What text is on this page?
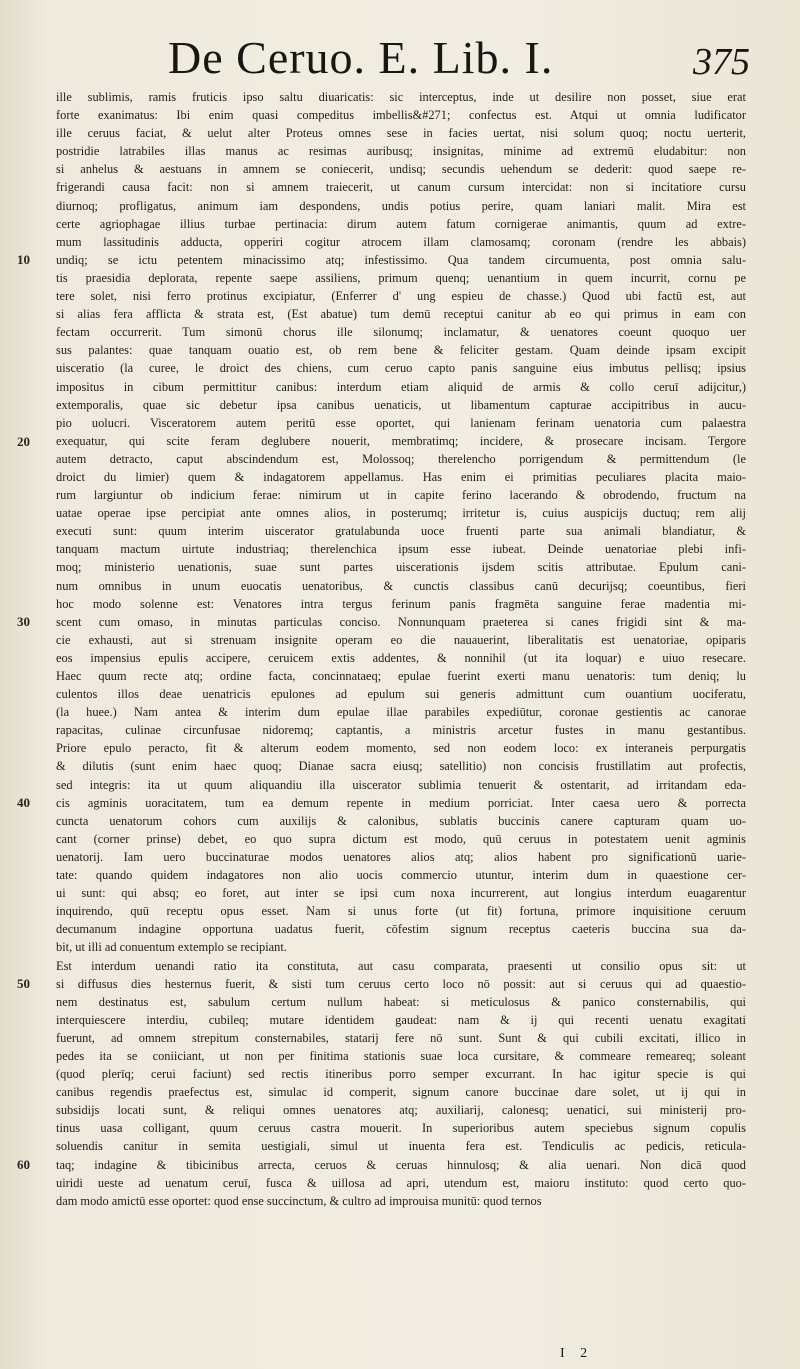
De Ceruo. E. Lib. I.	375
ille sublimis, ramis fruticis ipso saltu diuaricatis: sic interceptus, inde ut desilire non posset, siue erat
forte exanimatus: Ibi enim quasi compeditus imbellis&#271; confectus est. Atqui ut omnia ludificator
ille ceruus faciat, & uelut alter Proteus omnes sese in facies uertat, nisi solum quoq; noctu uerterit,
postridie latrabiles illas manus ac resimas auribusq; insignitas, minime ad extremū eludabitur: non
si anhelus & aestuans in amnem se coniecerit, undisq; secundis uehendum se dederit: quod saepe re-
frigerandi causa facit: non si amnem traiecerit, ut canum cursum intercidat: non si incitatiore cursu
diurnoq; profligatus, animum iam despondens, undis potius perire, quam laniari malit. Mira est
certe agriophagae illius turbae pertinacia: dirum autem fatum cornigerae animantis, quum ad extre-
mum lassitudinis adducta, opperiri cogitur atrocem illam clamosamq; coronam (rendre les abbais)
undiq; se ictu petentem minacissimo atq; infestissimo. Qua tandem circumuenta, post omnia salu-
tis praesidia deplorata, repente saepe assiliens, primum quenq; uenantium in quem incurrit, cornu pe
tere solet, nisi ferro protinus excipiatur, (Enferrer d' ung espieu de chasse.) Quod ubi factū est, aut
si alias fera afflicta & strata est, (Est abatue) tum demū receptui canitur ab eo qui primus in eam con
fectam occurrerit. Tum simonū chorus ille silonumq; inclamatur, & uenatores coeunt quoquo uer
sus palantes: quae tanquam ouatio est, ob rem bene & feliciter gestam. Quam deinde ipsam excipit
uisceratio (la curee, le droict des chiens, cum ceruo capto panis sanguine eius imbutus pellisq; ipsius
impositus in cibum permittitur canibus: interdum etiam aliquid de armis & collo ceruī adijcitur,)
extemporalis, quae sic debetur ipsa canibus uenaticis, ut libamentum capturae accipitribus in aucu-
pio uolucri. Visceratorem autem peritū esse oportet, qui lanienam ferinam uenatoria cum palaestra
exequatur, qui scite feram deglubere nouerit, membratimq; incidere, & prosecare incisam. Tergore
autem detracto, caput abscindendum est, Molossoq; therelencho porrigendum & permittendum (le
droict du limier) quem & indagatorem appellamus. Has enim ei primitias peculiares placita maio-
rum largiuntur ob indicium ferae: nimirum ut in capite ferino lacerando & obrodendo, fructum na
uatae operae ipse percipiat ante omnes alios, in posterumq; irritetur is, cuius auspicijs ductuq; rem alij
executi sunt: quum interim uiscerator gratulabunda uoce fruenti parte sua animali blandiatur, &
tanquam mactum uirtute industriaq; therelenchica ipsum esse iubeat. Deinde uenatoriae plebi infi-
moq; ministerio uenationis, suae sunt partes uiscerationis ijsdem scitis attributae. Epulum cani-
num omnibus in unum euocatis uenatoribus, & cunctis classibus canū decurijsq; coeuntibus, fieri
hoc modo solenne est: Venatores intra tergus ferinum panis fragmēta sanguine ferae madentia mi-
scent cum omaso, in minutas particulas conciso. Nonnunquam praeterea si canes frigidi sint & ma-
cie exhausti, aut si strenuam insignite operam eo die nauauerint, liberalitatis est uenatoriae, opiparis
eos impensius epulis accipere, ceruicem extis addentes, & nonnihil (ut ita loquar) e uiuo resecare.
Haec quum recte atq; ordine facta, concinnataeq; epulae fuerint exerti manu uenatoris: tum deniq; lu
culentos illos deae uenatricis epulones ad epulum sui generis admittunt cum ouantium uociferatu,
(la huee.) Nam antea & interim dum epulae illae parabiles expediūtur, coronae gestientis ac canorae
rapacitas, culinae circunfusae nidoremq; captantis, a ministris arcetur fustes in manu gestantibus.
Priore epulo peracto, fit & alterum eodem momento, sed non eodem loco: ex interaneis perpurgatis
& dilutis (sunt enim haec quoq; Dianae sacra eiusq; satellitio) non concisis frustillatim aut profectis,
sed integris: ita ut quum aliquandiu illa uiscerator sublimia tenuerit & ostentarit, ad irritandam eda-
cis agminis uoracitatem, tum ea demum repente in medium porriciat. Inter caesa uero & porrecta
cuncta uenatorum cohors cum auxilijs & calonibus, sublatis buccinis canere capturam quam uo-
cant (corner prinse) debet, eo quo supra dictum est modo, quū ceruus in potestatem uenit agminis
uenatorij. Iam uero buccinaturae modos uenatores alios atq; alios habent pro significationū uarie-
tate: quando quidem indagatores non alio uocis commercio utuntur, interim dum in quaestione cer-
ui sunt: qui absq; eo foret, aut inter se ipsi cum noxa incurrerent, aut longius interdum euagarentur
inquirendo, quū receptu opus esset. Nam si unus forte (ut fit) fortuna, primore inquisitione ceruum
decumanum indagine opportuna uadatus fuerit, cōfestim signum receptus caeteris buccina sua da-
bit, ut illi ad conuentum extemplo se recipiant.
Est interdum uenandi ratio ita constituta, aut casu comparata, praesenti ut consilio opus sit: ut
si diffusus dies hesternus fuerit, & sisti tum ceruus certo loco nō possit: aut si ceruus qui ad quaestio-
nem destinatus est, sabulum certum nullum habeat: si meticulosus & panico consternabilis, qui
interquiescere interdiu, cubileq; mutare identidem gaudeat: nam & ij qui recenti uenatu exagitati
fuerunt, ad omnem strepitum consternabiles, statarij fere nō sunt. Sunt & qui cubili excitati, illico in
pedes ita se coniiciant, ut non per finitima stationis suae loca cursitare, & commeare remeareq; soleant
(quod plerīq; cerui faciunt) sed rectis itineribus porro semper excurrant. In hac igitur specie is qui
canibus regendis praefectus est, simulac id comperit, signum canore buccinae dare solet, ut ij qui in
subsidijs locati sunt, & reliqui omnes uenatores atq; auxiliarij, calonesq; uenatici, sui ministerij pro-
tinus uasa colligant, quum ceruus castra mouerit. In superioribus autem speciebus signum copulis
soluendis canitur in semita uestigiali, simul ut inuenta fera est. Tendiculis ac pedicis, reticula-
taq; indagine & tibicinibus arrecta, ceruos & ceruas hinnulosq; & alia uenari. Non dicā quod
uiridi ueste ad uenatum ceruī, fusca & uillosa ad apri, utendum est, maioru instituto: quod certo quo-
dam modo amictū esse oportet: quod ense succinctum, & cultro ad improuisa munitū: quod ternos
10
20
30
40
50
60
I 2
